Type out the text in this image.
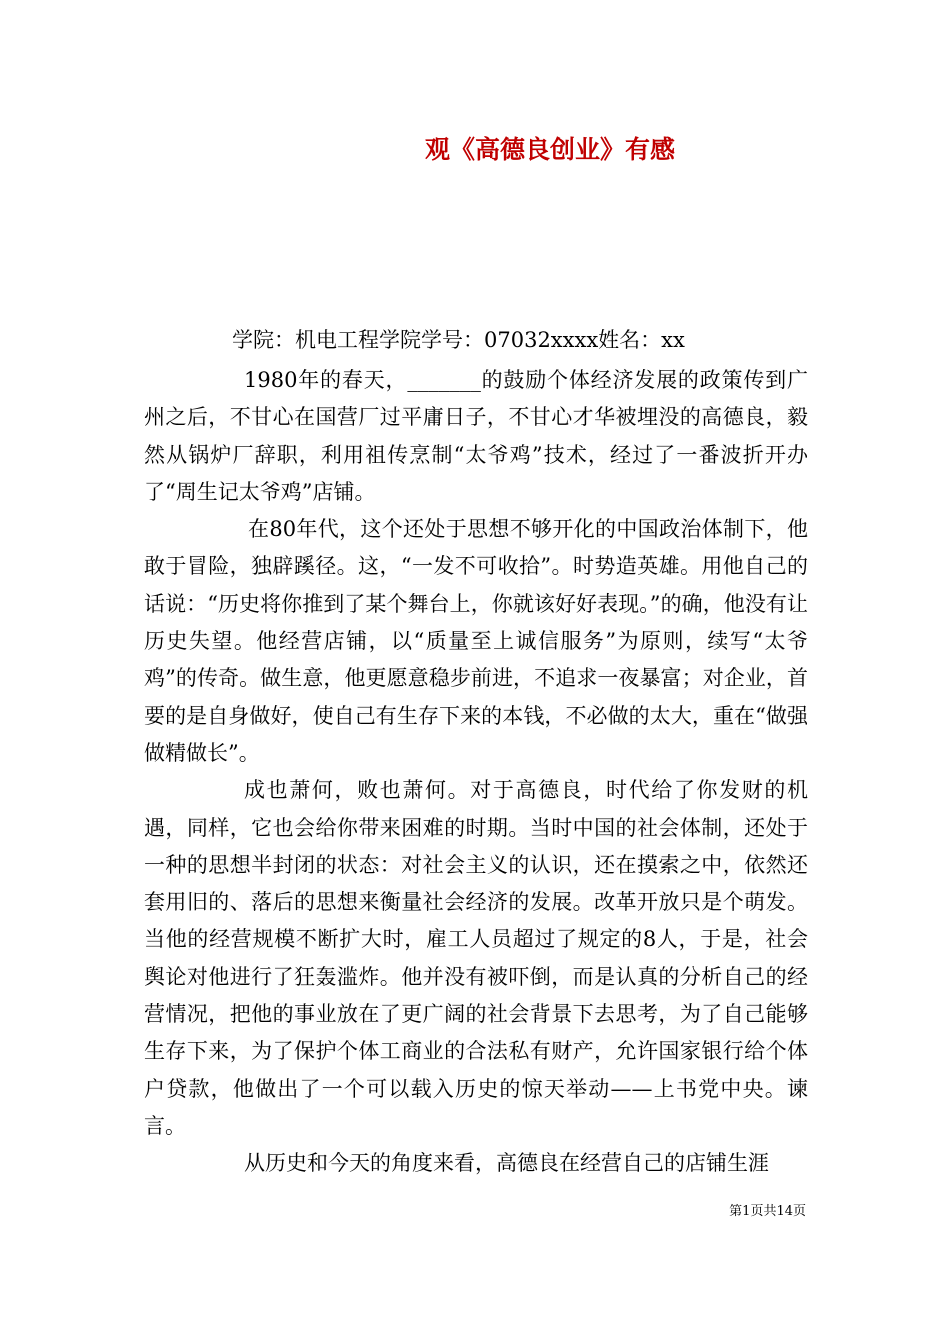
观《高德良创业》有感
学院：机电工程学院学号：07032xxxx姓名：xx

1980年的春天，_______的鼓励个体经济发展的政策传到广州之后，不甘心在国营厂过平庸日子，不甘心才华被埋没的高德良，毅然从锅炉厂辞职，利用祖传烹制“太爷鸡”技术，经过了一番波折开办了“周生记太爷鸡”店铺。

在80年代，这个还处于思想不够开化的中国政治体制下，他敢于冒险，独辟蹊径。这，“一发不可收拾”。时势造英雄。用他自己的话说：“历史将你推到了某个舞台上，你就该好好表现。”的确，他没有让历史失望。他经营店铺，以“质量至上诚信服务”为原则，续写“太爷鸡”的传奇。做生意，他更愿意稳步前进，不追求一夜暴富；对企业，首要的是自身做好，使自己有生存下来的本钱，不必做的太大，重在“做强做精做长”。

成也萧何，败也萧何。对于高德良，时代给了你发财的机遇，同样，它也会给你带来困难的时期。当时中国的社会体制，还处于一种的思想半封闭的状态：对社会主义的认识，还在摸索之中，依然还套用旧的、落后的思想来衡量社会经济的发展。改革开放只是个萌发。当他的经营规模不断扩大时，雇工人员超过了规定的8人，于是，社会舆论对他进行了狂轰滥炸。他并没有被吓倒，而是认真的分析自己的经营情况，把他的事业放在了更广阔的社会背景下去思考，为了自己能够生存下来，为了保护个体工商业的合法私有财产，允许国家银行给个体户贷款，他做出了一个可以载入历史的惊天举动——上书党中央。谏言。

从历史和今天的角度来看，高德良在经营自己的店铺生涯

第1页共14页
